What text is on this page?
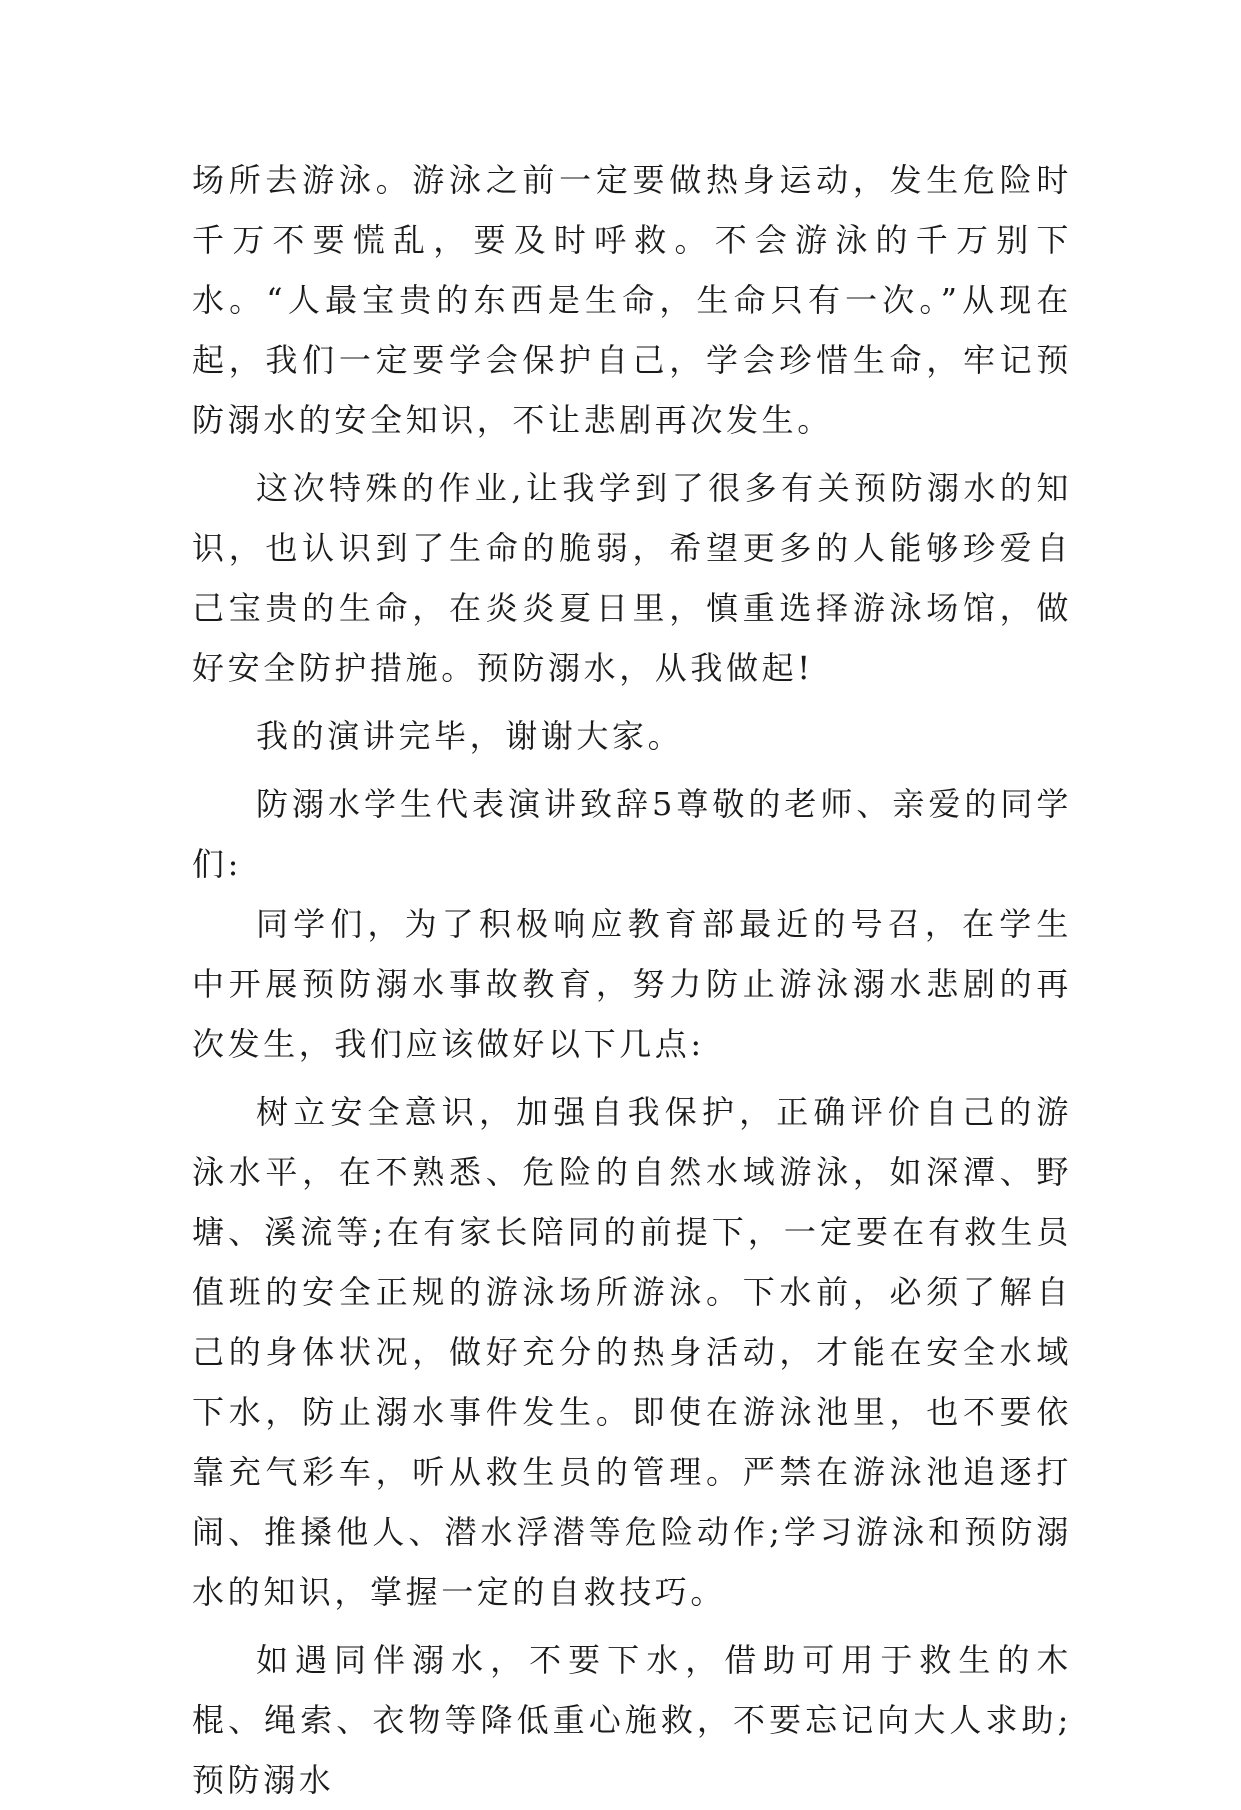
场所去游泳。游泳之前一定要做热身运动，发生危险时千万不要慌乱，要及时呼救。不会游泳的千万别下水。“人最宝贵的东西是生命，生命只有一次。”从现在起，我们一定要学会保护自己，学会珍惜生命，牢记预防溺水的安全知识，不让悲剧再次发生。

这次特殊的作业,让我学到了很多有关预防溺水的知识，也认识到了生命的脆弱，希望更多的人能够珍爱自己宝贵的生命，在炎炎夏日里，慎重选择游泳场馆，做好安全防护措施。预防溺水，从我做起!

我的演讲完毕，谢谢大家。

防溺水学生代表演讲致辞5尊敬的老师、亲爱的同学们:

同学们，为了积极响应教育部最近的号召，在学生中开展预防溺水事故教育，努力防止游泳溺水悲剧的再次发生，我们应该做好以下几点:

树立安全意识，加强自我保护，正确评价自己的游泳水平，在不熟悉、危险的自然水域游泳，如深潭、野塘、溪流等;在有家长陪同的前提下，一定要在有救生员值班的安全正规的游泳场所游泳。下水前，必须了解自己的身体状况，做好充分的热身活动，才能在安全水域下水，防止溺水事件发生。即使在游泳池里，也不要依靠充气彩车，听从救生员的管理。严禁在游泳池追逐打闹、推搡他人、潜水浮潜等危险动作;学习游泳和预防溺水的知识，掌握一定的自救技巧。

如遇同伴溺水，不要下水，借助可用于救生的木棍、绳索、衣物等降低重心施救，不要忘记向大人求助;预防溺水
